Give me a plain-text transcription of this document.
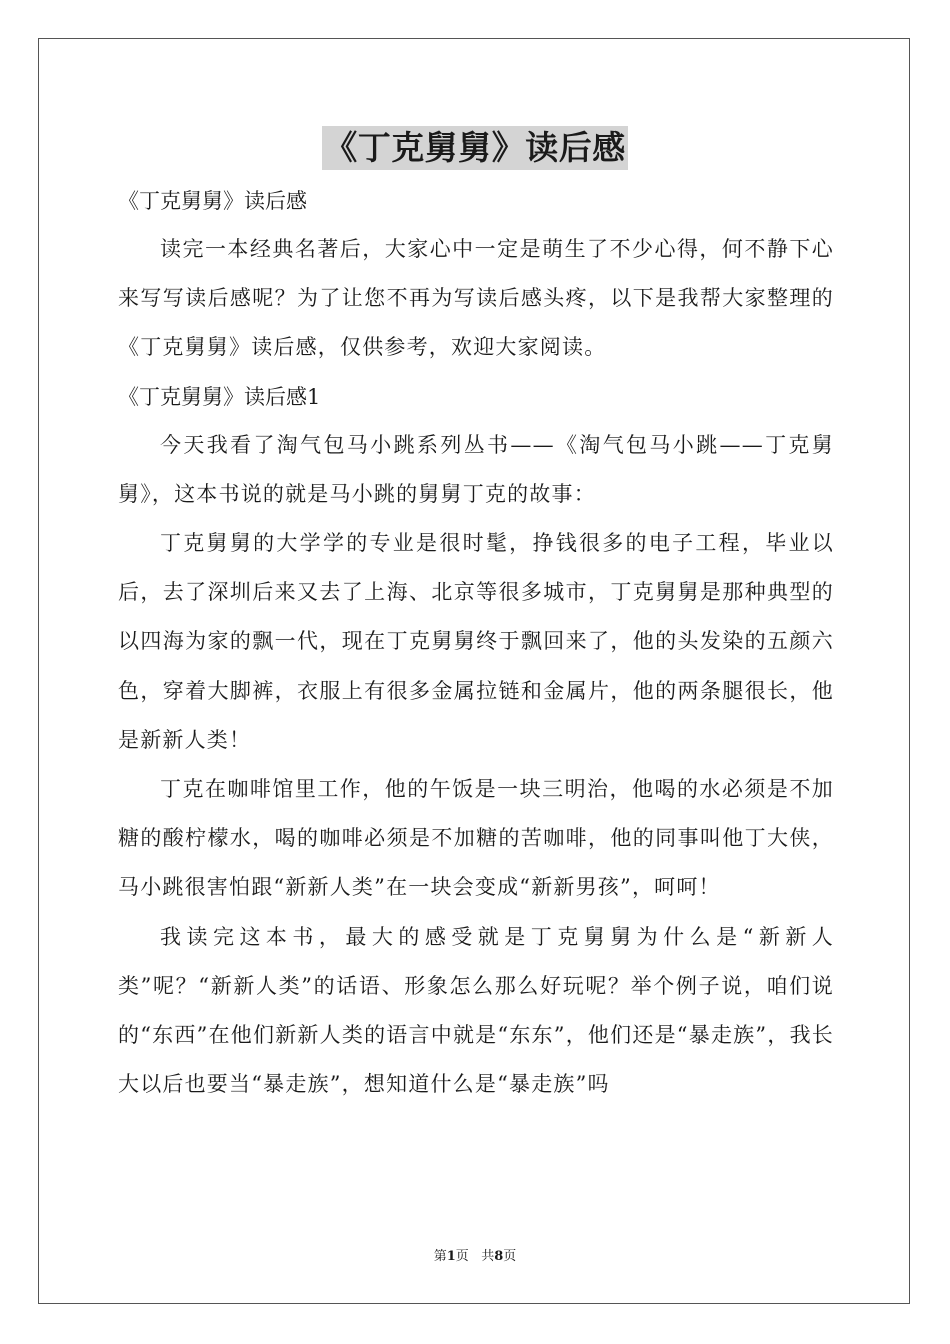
《丁克舅舅》读后感
《丁克舅舅》读后感

读完一本经典名著后，大家心中一定是萌生了不少心得，何不静下心来写写读后感呢？为了让您不再为写读后感头疼，以下是我帮大家整理的《丁克舅舅》读后感，仅供参考，欢迎大家阅读。

《丁克舅舅》读后感1

今天我看了淘气包马小跳系列丛书——《淘气包马小跳——丁克舅舅》，这本书说的就是马小跳的舅舅丁克的故事：

丁克舅舅的大学学的专业是很时髦，挣钱很多的电子工程，毕业以后，去了深圳后来又去了上海、北京等很多城市，丁克舅舅是那种典型的以四海为家的飘一代，现在丁克舅舅终于飘回来了，他的头发染的五颜六色，穿着大脚裤，衣服上有很多金属拉链和金属片，他的两条腿很长，他是新新人类！

丁克在咖啡馆里工作，他的午饭是一块三明治，他喝的水必须是不加糖的酸柠檬水，喝的咖啡必须是不加糖的苦咖啡，他的同事叫他丁大侠，马小跳很害怕跟“新新人类”在一块会变成“新新男孩”，呵呵！

我读完这本书，最大的感受就是丁克舅舅为什么是“新新人类”呢？“新新人类”的话语、形象怎么那么好玩呢？举个例子说，咱们说的“东西”在他们新新人类的语言中就是“东东”，他们还是“暴走族”，我长大以后也要当“暴走族”，想知道什么是“暴走族”吗

第1页 共8页
